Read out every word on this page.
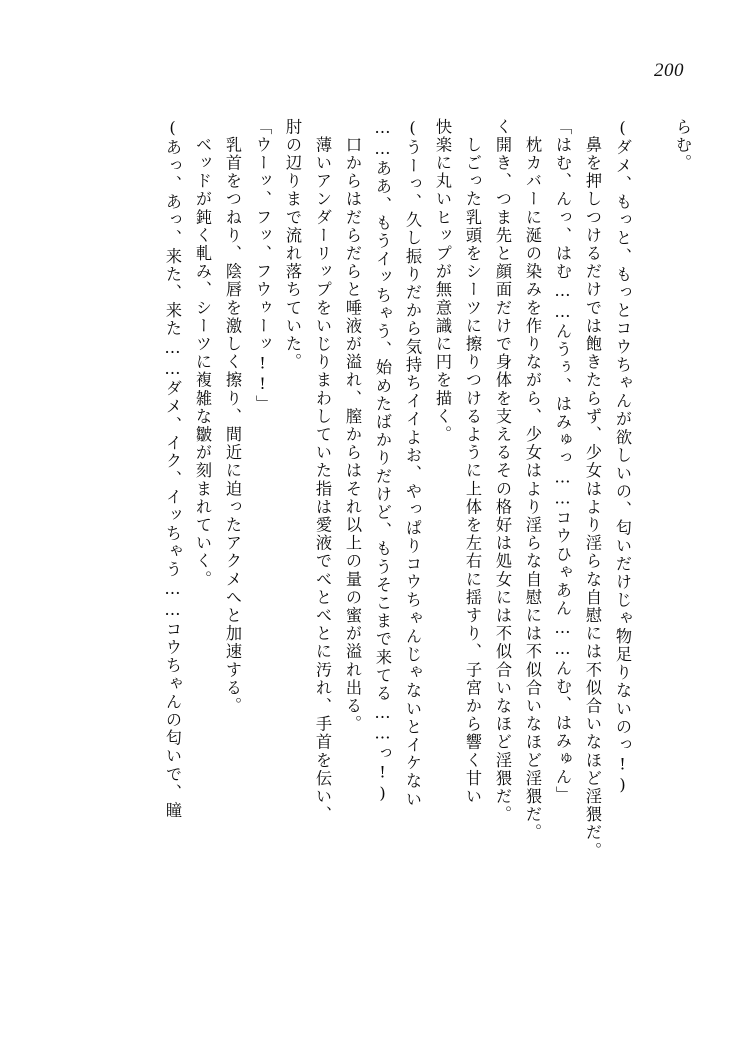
200
らむ。
(ダメ、もっと、もっとコウちゃんが欲しいの、匂いだけじゃ物足りないのっ!)
　鼻を押しつけるだけでは飽きたらず、少女はより淫らな自慰には不似合いなほど淫猥だ。
「はむ、んっ、はむ……んうぅ、はみゅっ……コウひゃあん……んむ、はみゅん」
　枕カバーに涎の染みを作りながら、少女はより淫らな自慰には不似合いなほど淫猥だ。
く開き、つま先と顔面だけで身体を支えるその格好は処女には不似合いなほど淫猥だ。
　しごった乳頭をシーツに擦りつけるように上体を左右に揺すり、子宮から響く甘い
快楽に丸いヒップが無意識に円を描く。
(うーっ、久し振りだから気持ちイイよお、やっぱりコウちゃんじゃないとイケない
……ああ、もうイッちゃう、始めたばかりだけど、もうそこまで来てる……っ!)
　口からはだらだらと唾液が溢れ、膣からはそれ以上の量の蜜が溢れ出る。
　薄いアンダーリップをいじりまわしていた指は愛液でべとべとに汚れ、手首を伝い、
肘の辺りまで流れ落ちていた。
「ウーッ、フッ、フウゥーッ!!」
　乳首をつねり、陰唇を激しく擦り、間近に迫ったアクメへと加速する。
　ベッドが鈍く軋み、シーツに複雑な皺が刻まれていく。
(あっ、あっ、来た、来た……ダメ、イク、イッちゃう……コウちゃんの匂いで、瞳
